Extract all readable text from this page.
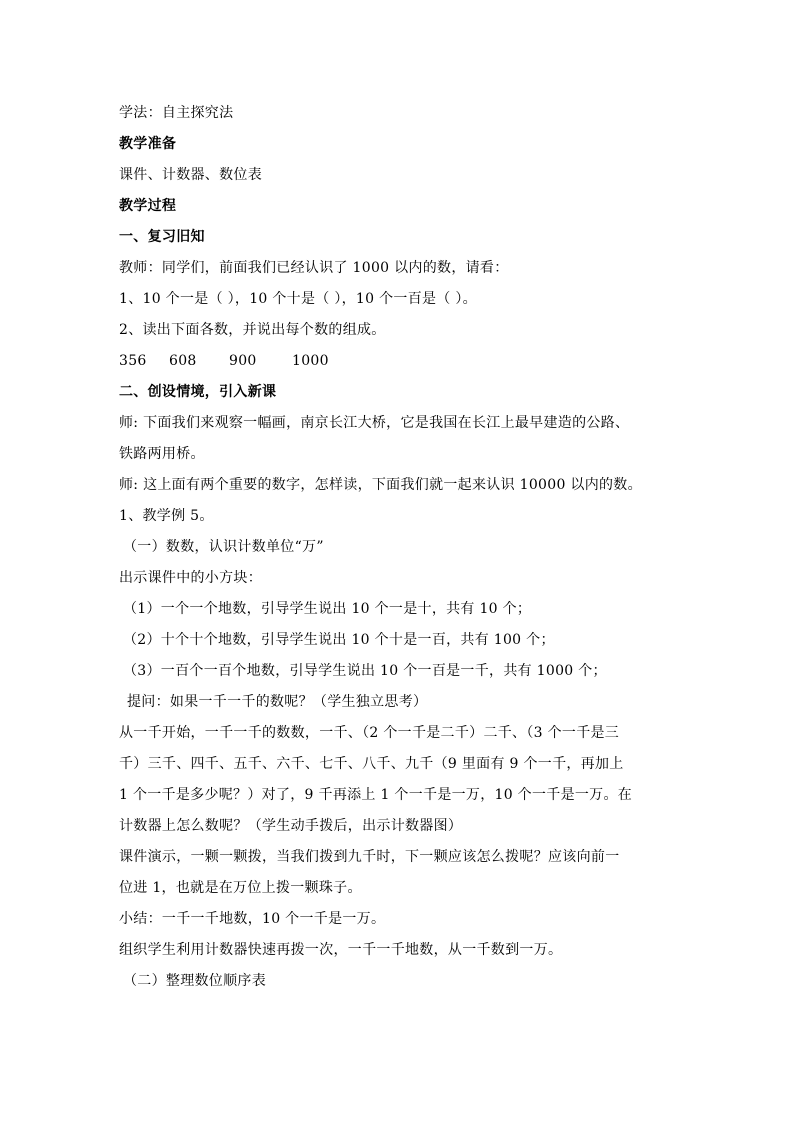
学法：自主探究法
教学准备
课件、计数器、数位表
教学过程
一、复习旧知
教师：同学们，前面我们已经认识了 1000 以内的数，请看：
1、10 个一是（ ），10 个十是（ ），10 个一百是（ ）。
2、读出下面各数，并说出每个数的组成。
356 608 900	1000
二、创设情境，引入新课
师: 下面我们来观察一幅画，南京长江大桥，它是我国在长江上最早建造的公路、
铁路两用桥。
师: 这上面有两个重要的数字，怎样读，下面我们就一起来认识 10000 以内的数。
1、教学例 5。
（一）数数，认识计数单位“万”
出示课件中的小方块：
（1）一个一个地数，引导学生说出 10 个一是十，共有 10 个；
（2）十个十个地数，引导学生说出 10 个十是一百，共有 100 个；
（3）一百个一百个地数，引导学生说出 10 个一百是一千，共有 1000 个；
提问：如果一千一千的数呢？（学生独立思考）
从一千开始，一千一千的数数，一千、（2 个一千是二千）二千、（3 个一千是三
千）三千、四千、五千、六千、七千、八千、九千（9 里面有 9 个一千，再加上
1 个一千是多少呢？）对了，9 千再添上 1 个一千是一万，10 个一千是一万。在
计数器上怎么数呢？（学生动手拨后，出示计数器图）
课件演示，一颗一颗拨，当我们拨到九千时，下一颗应该怎么拨呢？应该向前一
位进 1，也就是在万位上拨一颗珠子。
小结：一千一千地数，10 个一千是一万。
组织学生利用计数器快速再拨一次，一千一千地数，从一千数到一万。
（二）整理数位顺序表
